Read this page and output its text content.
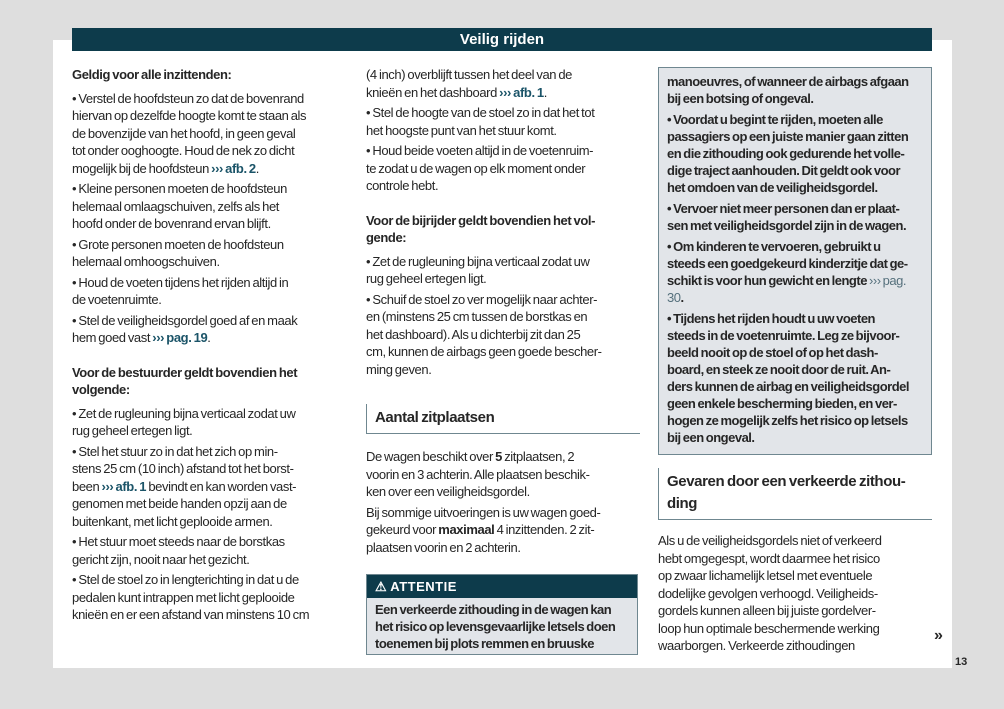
Veilig rijden
Geldig voor alle inzittenden:
• Verstel de hoofdsteun zo dat de bovenrand
hiervan op dezelfde hoogte komt te staan als
de bovenzijde van het hoofd, in geen geval
tot onder ooghoogte. Houd de nek zo dicht
mogelijk bij de hoofdsteun ››› afb. 2.
• Kleine personen moeten de hoofdsteun
helemaal omlaagschuiven, zelfs als het
hoofd onder de bovenrand ervan blijft.
• Grote personen moeten de hoofdsteun
helemaal omhoogschuiven.
• Houd de voeten tijdens het rijden altijd in
de voetenruimte.
• Stel de veiligheidsgordel goed af en maak
hem goed vast ››› pag. 19.
Voor de bestuurder geldt bovendien het
volgende:
• Zet de rugleuning bijna verticaal zodat uw
rug geheel ertegen ligt.
• Stel het stuur zo in dat het zich op min-
stens 25 cm (10 inch) afstand tot het borst-
been ››› afb. 1 bevindt en kan worden vast-
genomen met beide handen opzij aan de
buitenkant, met licht geplooide armen.
• Het stuur moet steeds naar de borstkas
gericht zijn, nooit naar het gezicht.
• Stel de stoel zo in lengterichting in dat u de
pedalen kunt intrappen met licht geplooide
knieën en er een afstand van minstens 10 cm
(4 inch) overblijft tussen het deel van de
knieën en het dashboard ››› afb. 1.
• Stel de hoogte van de stoel zo in dat het tot
het hoogste punt van het stuur komt.
• Houd beide voeten altijd in de voetenruim-
te zodat u de wagen op elk moment onder
controle hebt.
Voor de bijrijder geldt bovendien het vol-
gende:
• Zet de rugleuning bijna verticaal zodat uw
rug geheel ertegen ligt.
• Schuif de stoel zo ver mogelijk naar achter-
en (minstens 25 cm tussen de borstkas en
het dashboard). Als u dichterbij zit dan 25
cm, kunnen de airbags geen goede bescher-
ming geven.
Aantal zitplaatsen
De wagen beschikt over 5 zitplaatsen, 2
voorin en 3 achterin. Alle plaatsen beschik-
ken over een veiligheidsgordel.
Bij sommige uitvoeringen is uw wagen goed-
gekeurd voor maximaal 4 inzittenden. 2 zit-
plaatsen voorin en 2 achterin.
⚠ ATTENTIE
Een verkeerde zithouding in de wagen kan
het risico op levensgevaarlijke letsels doen
toenemen bij plots remmen en bruuske
manoeuvres, of wanneer de airbags afgaan
bij een botsing of ongeval.
• Voordat u begint te rijden, moeten alle
passagiers op een juiste manier gaan zitten
en die zithouding ook gedurende het volle-
dige traject aanhouden. Dit geldt ook voor
het omdoen van de veiligheidsgordel.
• Vervoer niet meer personen dan er plaat-
sen met veiligheidsgordel zijn in de wagen.
• Om kinderen te vervoeren, gebruikt u
steeds een goedgekeurd kinderzitje dat ge-
schikt is voor hun gewicht en lengte ››› pag.
30.
• Tijdens het rijden houdt u uw voeten
steeds in de voetenruimte. Leg ze bijvoor-
beeld nooit op de stoel of op het dash-
board, en steek ze nooit door de ruit. An-
ders kunnen de airbag en veiligheidsgordel
geen enkele bescherming bieden, en ver-
hogen ze mogelijk zelfs het risico op letsels
bij een ongeval.
Gevaren door een verkeerde zithou-
ding
Als u de veiligheidsgordels niet of verkeerd
hebt omgegespt, wordt daarmee het risico
op zwaar lichamelijk letsel met eventuele
dodelijke gevolgen verhoogd. Veiligheids-
gordels kunnen alleen bij juiste gordelver-
loop hun optimale beschermende werking
waarborgen. Verkeerde zithoudingen
»
13
